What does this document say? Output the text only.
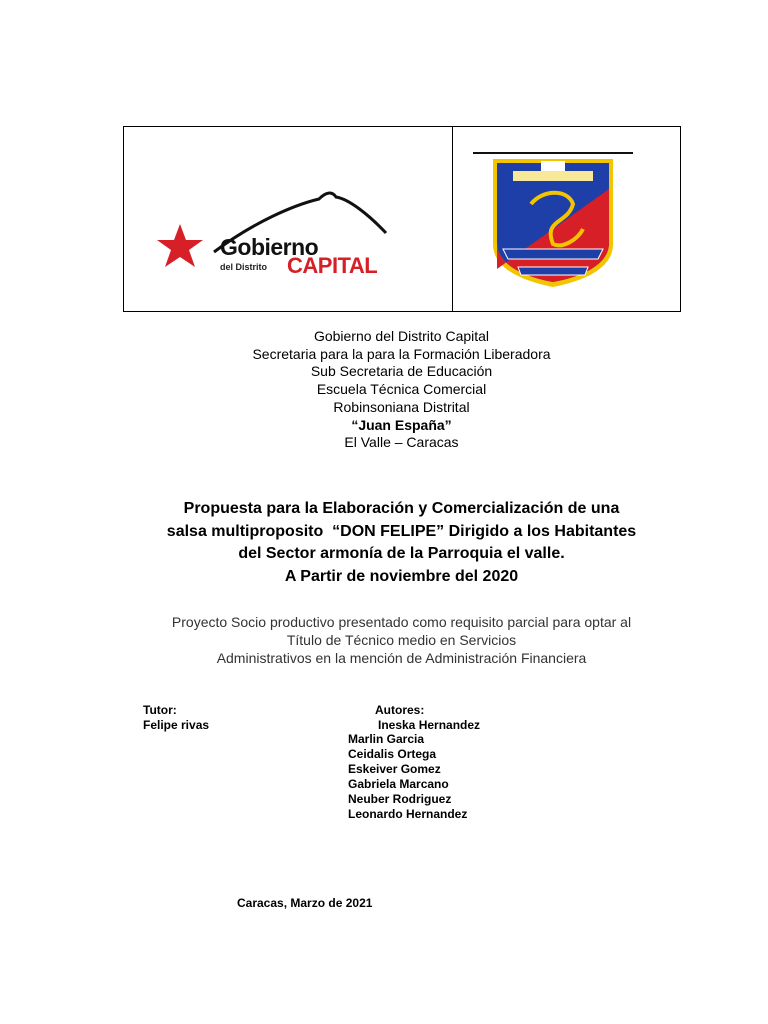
Gobierno
del Distrito CAPITAL
Gobierno del Distrito Capital
Secretaria para la para la Formación Liberadora
Sub Secretaria de Educación
Escuela Técnica Comercial
Robinsoniana Distrital
“Juan España”
El Valle – Caracas
Propuesta para la Elaboración y Comercialización de una
salsa multiproposito  “DON FELIPE” Dirigido a los Habitantes
del Sector armonía de la Parroquia el valle.
A Partir de noviembre del 2020
Proyecto Socio productivo presentado como requisito parcial para optar al
Título de Técnico medio en Servicios
Administrativos en la mención de Administración Financiera
Tutor:
Felipe rivas
Autores:
Ineska Hernandez
Marlin Garcia
Ceidalis Ortega
Eskeiver Gomez
Gabriela Marcano
Neuber Rodriguez
Leonardo Hernandez
Caracas, Marzo de 2021
